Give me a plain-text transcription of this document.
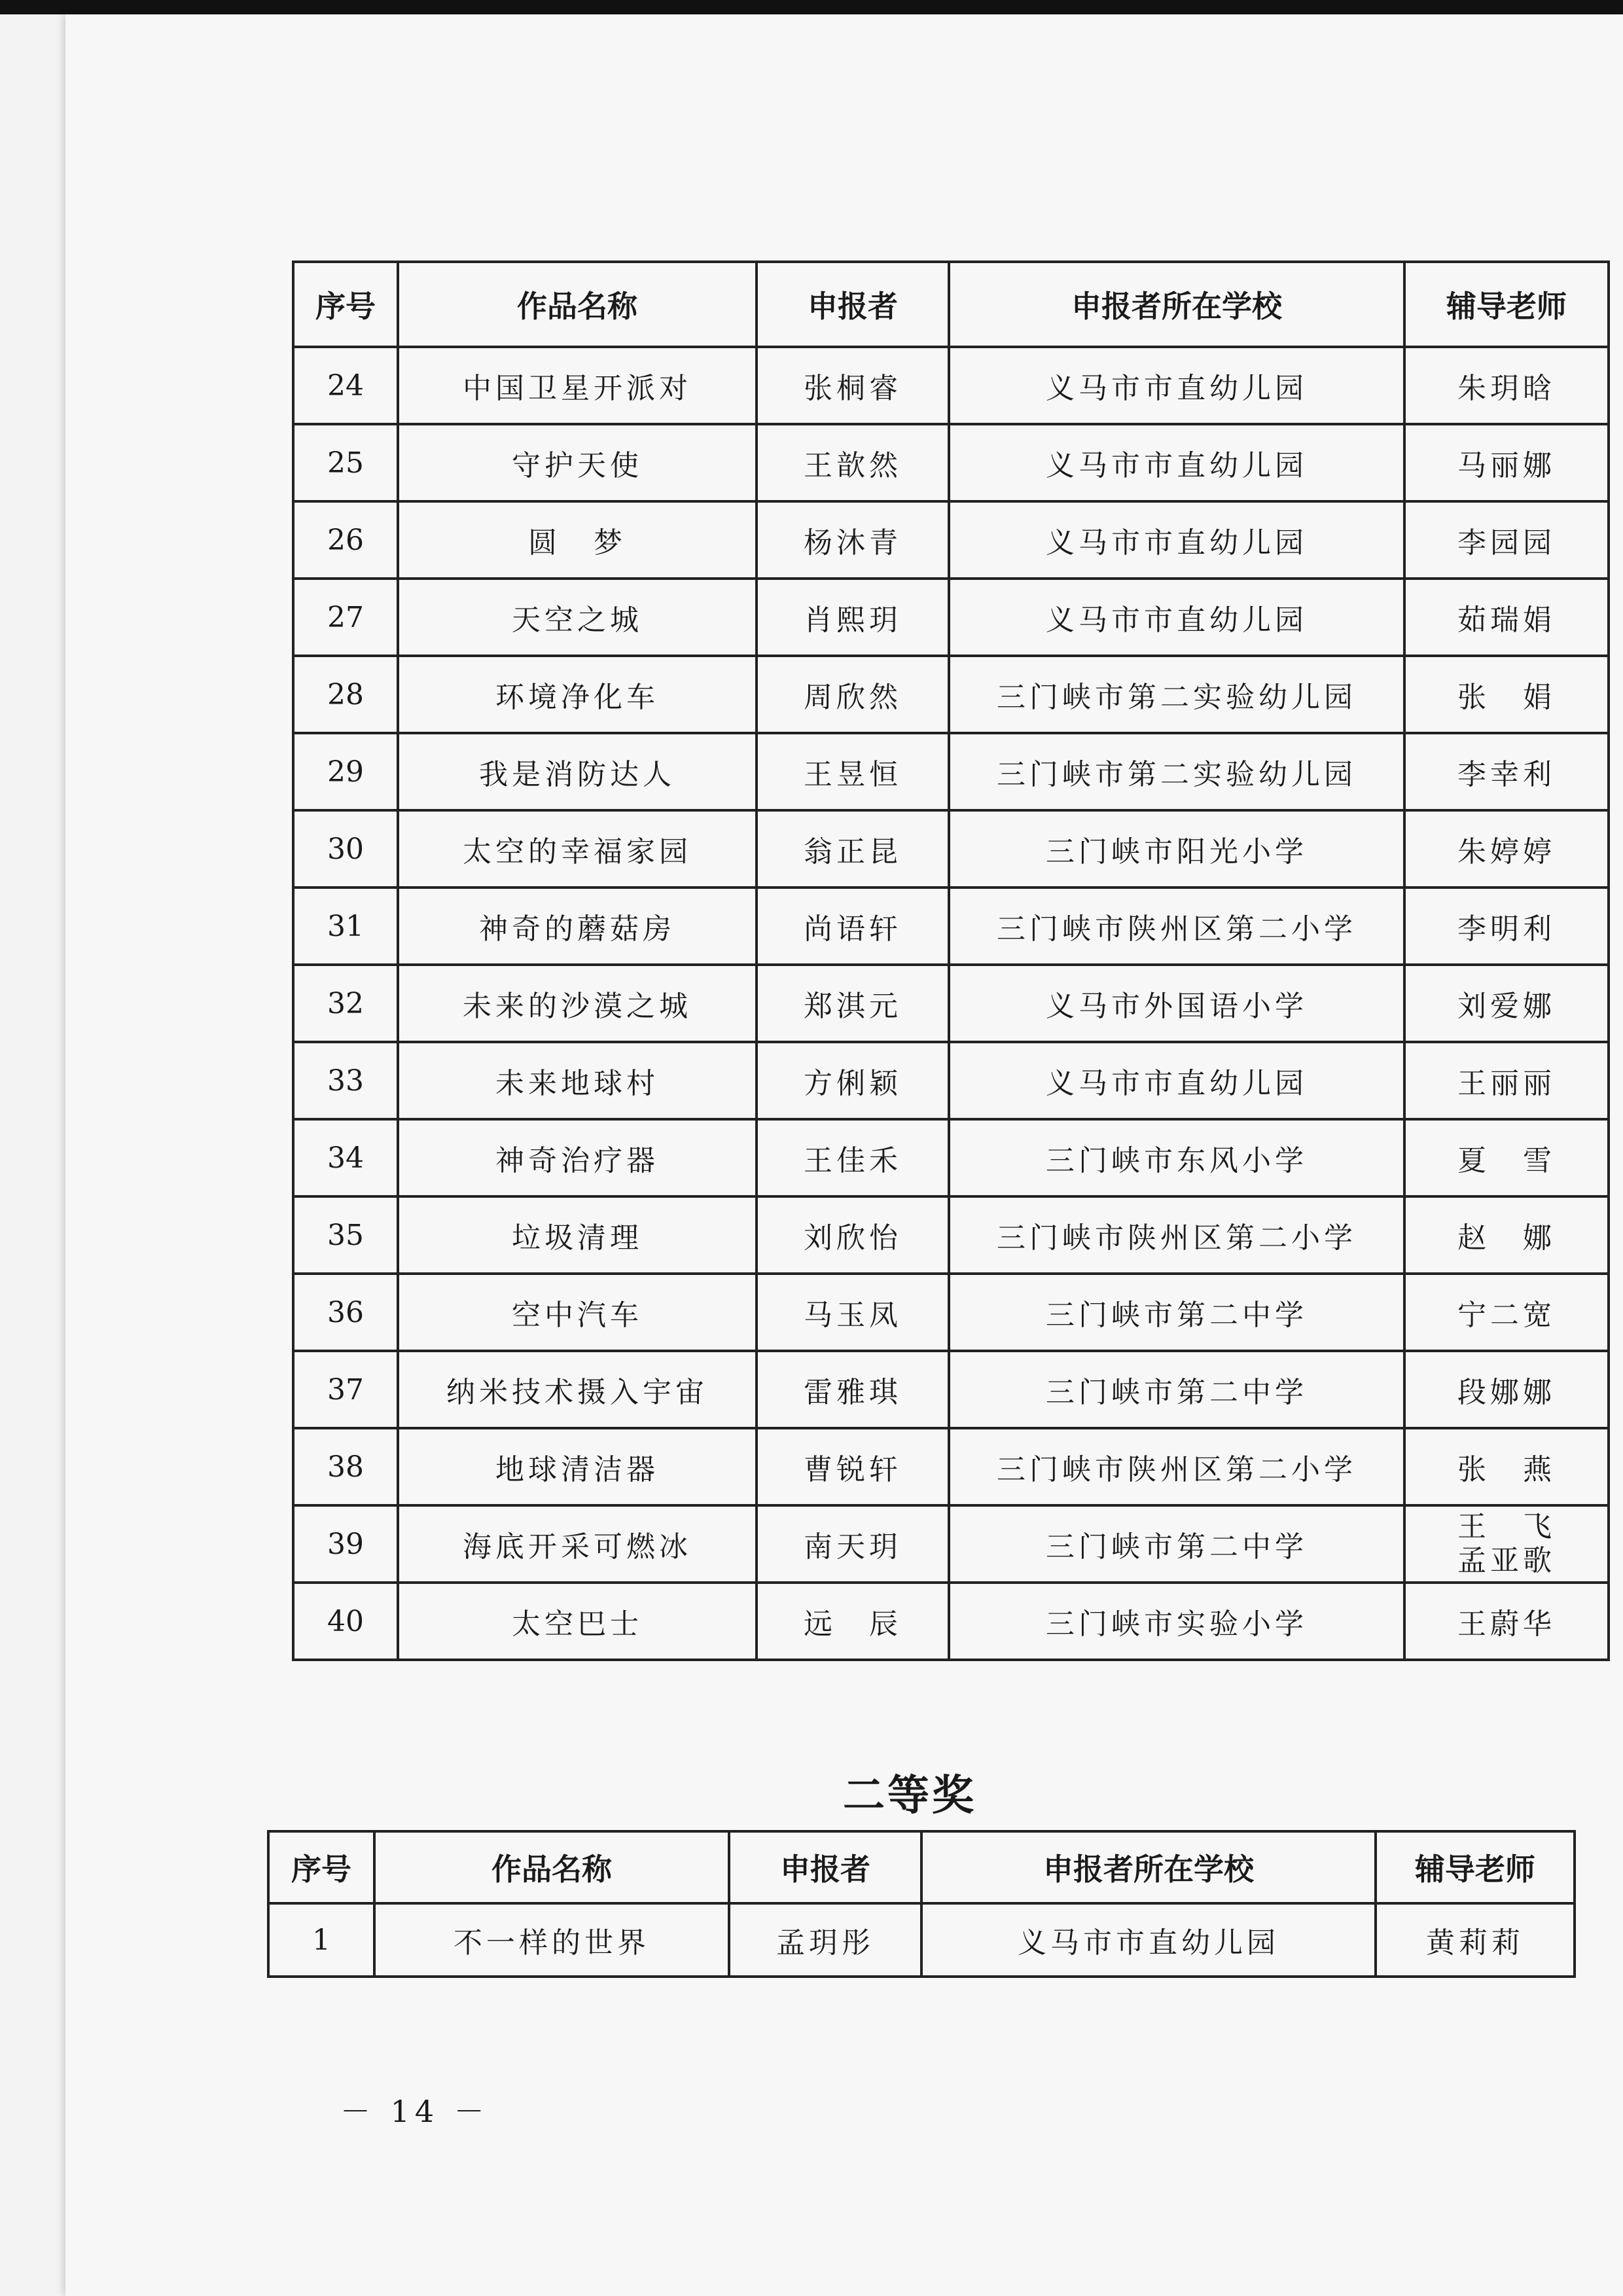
序号	作品名称	申报者	申报者所在学校	辅导老师
24	中国卫星开派对	张桐睿	义马市市直幼儿园	朱玥晗
25	守护天使	王歆然	义马市市直幼儿园	马丽娜
26	圆　梦	杨沐青	义马市市直幼儿园	李园园
27	天空之城	肖熙玥	义马市市直幼儿园	茹瑞娟
28	环境净化车	周欣然	三门峡市第二实验幼儿园	张　娟
29	我是消防达人	王昱恒	三门峡市第二实验幼儿园	李幸利
30	太空的幸福家园	翁正昆	三门峡市阳光小学	朱婷婷
31	神奇的蘑菇房	尚语轩	三门峡市陕州区第二小学	李明利
32	未来的沙漠之城	郑淇元	义马市外国语小学	刘爱娜
33	未来地球村	方俐颖	义马市市直幼儿园	王丽丽
34	神奇治疗器	王佳禾	三门峡市东风小学	夏　雪
35	垃圾清理	刘欣怡	三门峡市陕州区第二小学	赵　娜
36	空中汽车	马玉凤	三门峡市第二中学	宁二宽
37	纳米技术摄入宇宙	雷雅琪	三门峡市第二中学	段娜娜
38	地球清洁器	曹锐轩	三门峡市陕州区第二小学	张　燕
39	海底开采可燃冰	南天玥	三门峡市第二中学	王　飞
孟亚歌

40	太空巴士	远　辰	三门峡市实验小学	王蔚华
二等奖
序号	作品名称	申报者	申报者所在学校	辅导老师
1	不一样的世界	孟玥彤	义马市市直幼儿园	黄莉莉
－ 14 －
